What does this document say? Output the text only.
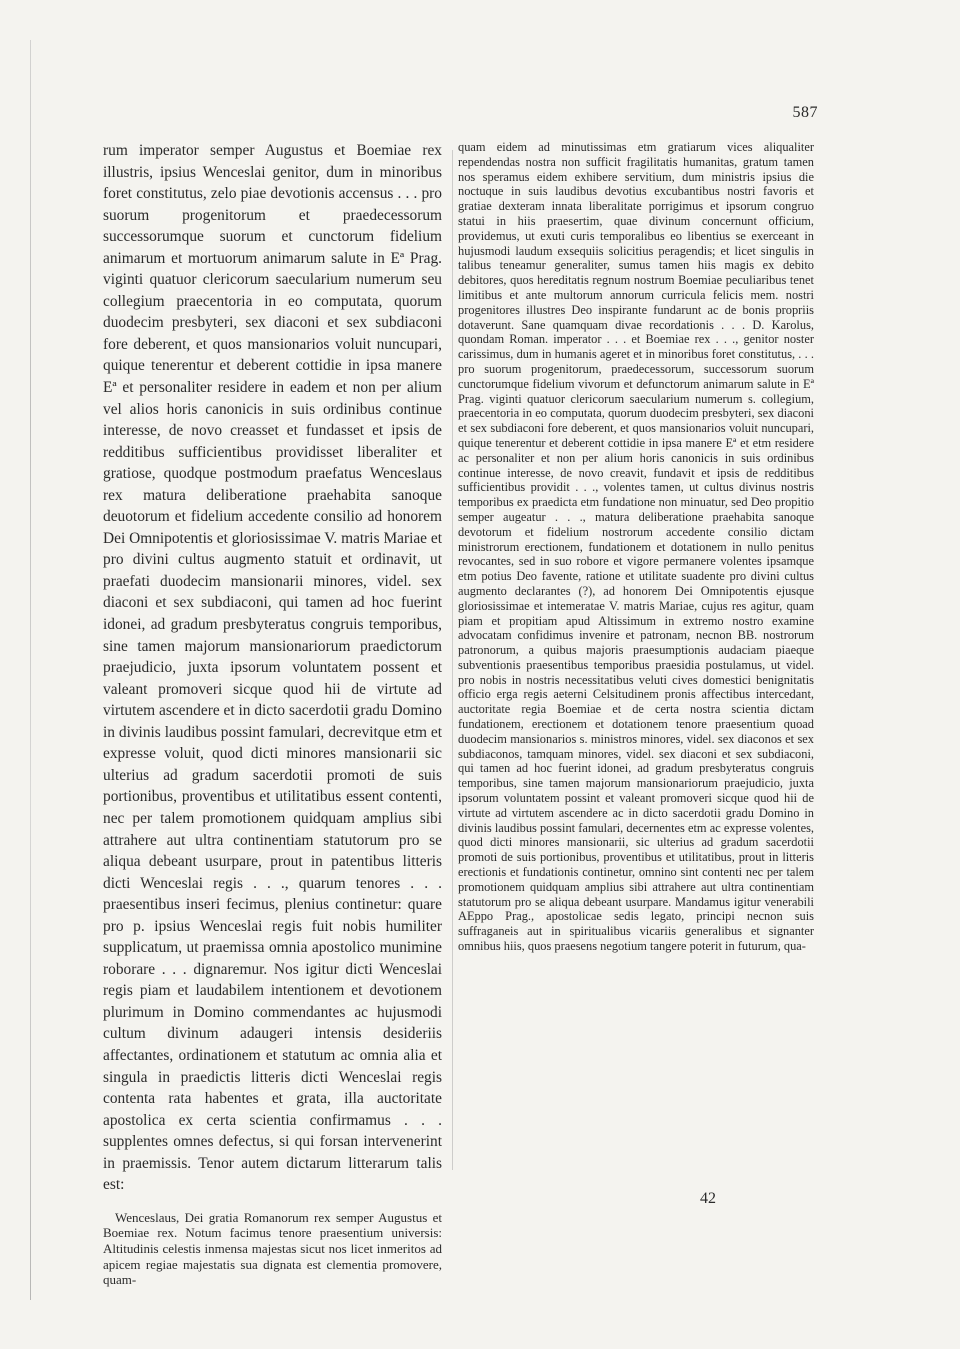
587

rum imperator semper Augustus et Boemiae rex illustris, ipsius Wenceslai genitor, dum in minoribus foret constitutus, zelo piae devotionis accensus . . . pro suorum progenitorum et praedecessorum successorumque suorum et cunctorum fidelium animarum et mortuorum animarum salute in Eª Prag. viginti quatuor clericorum saecularium numerum seu collegium praecentoria in eo computata, quorum duodecim presbyteri, sex diaconi et sex subdiaconi fore deberent, et quos mansionarios voluit nuncupari, quique tenerentur et deberent cottidie in ipsa manere Eª et personaliter residere in eadem et non per alium vel alios horis canonicis in suis ordinibus continue interesse, de novo creasset et fundasset et ipsis de redditibus sufficientibus providisset liberaliter et gratiose, quodque postmodum praefatus Wenceslaus rex matura deliberatione praehabita sanoque deuotorum et fidelium accedente consilio ad honorem Dei Omnipotentis et gloriosissimae V. matris Mariae et pro divini cultus augmento statuit et ordinavit, ut praefati duodecim mansionarii minores, videl. sex diaconi et sex subdiaconi, qui tamen ad hoc fuerint idonei, ad gradum presbyteratus congruis temporibus, sine tamen majorum mansionariorum praedictorum praejudicio, juxta ipsorum voluntatem possent et valeant promoveri sicque quod hii de virtute ad virtutem ascendere et in dicto sacerdotii gradu Domino in divinis laudibus possint famulari, decrevitque etm et expresse voluit, quod dicti minores mansionarii sic ulterius ad gradum sacerdotii promoti de suis portionibus, proventibus et utilitatibus essent contenti, nec per talem promotionem quidquam amplius sibi attrahere aut ultra continentiam statutorum pro se aliqua debeant usurpare, prout in patentibus litteris dicti Wenceslai regis . . ., quarum tenores . . . praesentibus inseri fecimus, plenius continetur: quare pro p. ipsius Wenceslai regis fuit nobis humiliter supplicatum, ut praemissa omnia apostolico munimine roborare . . . dignaremur. Nos igitur dicti Wenceslai regis piam et laudabilem intentionem et devotionem plurimum in Domino commendantes ac hujusmodi cultum divinum adaugeri intensis desideriis affectantes, ordinationem et statutum ac omnia alia et singula in praedictis litteris dicti Wenceslai regis contenta rata habentes et grata, illa auctoritate apostolica ex certa scientia confirmamus . . . supplentes omnes defectus, si qui forsan intervenerint in praemissis. Tenor autem dictarum litterarum talis est:

Wenceslaus, Dei gratia Romanorum rex semper Augustus et Boemiae rex. Notum facimus tenore praesentium universis: Altitudinis celestis inmensa majestas sicut nos licet inmeritos ad apicem regiae majestatis sua dignata est clementia promovere, quam-

quam eidem ad minutissimas etm gratiarum vices aliqualiter rependendas nostra non sufficit fragilitatis humanitas, gratum tamen nos speramus eidem exhibere servitium, dum ministris ipsius die noctuque in suis laudibus devotius excubantibus nostri favoris et gratiae dexteram innata liberalitate porrigimus et ipsorum congruo statui in hiis praesertim, quae divinum concernunt officium, providemus, ut exuti curis temporalibus eo libentius se exerceant in hujusmodi laudum exsequiis solicitius peragendis; et licet singulis in talibus teneamur generaliter, sumus tamen hiis magis ex debito debitores, quos hereditatis regnum nostrum Boemiae peculiaribus tenet limitibus et ante multorum annorum curricula felicis mem. nostri progenitores illustres Deo inspirante fundarunt ac de bonis propriis dotaverunt. Sane quamquam divae recordationis . . . D. Karolus, quondam Roman. imperator . . . et Boemiae rex . . ., genitor noster carissimus, dum in humanis ageret et in minoribus foret constitutus, . . . pro suorum progenitorum, praedecessorum, successorum suorum cunctorumque fidelium vivorum et defunctorum animarum salute in Eª Prag. viginti quatuor clericorum saecularium numerum s. collegium, praecentoria in eo computata, quorum duodecim presbyteri, sex diaconi et sex subdiaconi fore deberent, et quos mansionarios voluit nuncupari, quique tenerentur et deberent cottidie in ipsa manere Eª et etm residere ac personaliter et non per alium horis canonicis in suis ordinibus continue interesse, de novo creavit, fundavit et ipsis de redditibus sufficientibus providit . . ., volentes tamen, ut cultus divinus nostris temporibus ex praedicta etm fundatione non minuatur, sed Deo propitio semper augeatur . . ., matura deliberatione praehabita sanoque devotorum et fidelium nostrorum accedente consilio dictam ministrorum erectionem, fundationem et dotationem in nullo penitus revocantes, sed in suo robore et vigore permanere volentes ipsamque etm potius Deo favente, ratione et utilitate suadente pro divini cultus augmento declarantes (?), ad honorem Dei Omnipotentis ejusque gloriosissimae et intemeratae V. matris Mariae, cujus res agitur, quam piam et propitiam apud Altissimum in extremo nostro examine advocatam confidimus invenire et patronam, necnon BB. nostrorum patronorum, a quibus majoris praesumptionis audaciam piaeque subventionis praesentibus temporibus praesidia postulamus, ut videl. pro nobis in nostris necessitatibus veluti cives domestici benignitatis officio erga regis aeterni Celsitudinem pronis affectibus intercedant, auctoritate regia Boemiae et de certa nostra scientia dictam fundationem, erectionem et dotationem tenore praesentium quoad duodecim mansionarios s. ministros minores, videl. sex diaconos et sex subdiaconos, tamquam minores, videl. sex diaconi et sex subdiaconi, qui tamen ad hoc fuerint idonei, ad gradum presbyteratus congruis temporibus, sine tamen majorum mansionariorum praejudicio, juxta ipsorum voluntatem possint et valeant promoveri sicque quod hii de virtute ad virtutem ascendere ac in dicto sacerdotii gradu Domino in divinis laudibus possint famulari, decernentes etm ac expresse volentes, quod dicti minores mansionarii, sic ulterius ad gradum sacerdotii promoti de suis portionibus, proventibus et utilitatibus, prout in litteris erectionis et fundationis continetur, omnino sint contenti nec per talem promotionem quidquam amplius sibi attrahere aut ultra continentiam statutorum pro se aliqua debeant usurpare. Mandamus igitur venerabili AEppo Prag., apostolicae sedis legato, principi necnon suis suffraganeis aut in spiritualibus vicariis generalibus et signanter omnibus hiis, quos praesens negotium tangere poterit in futurum, qua-

42
